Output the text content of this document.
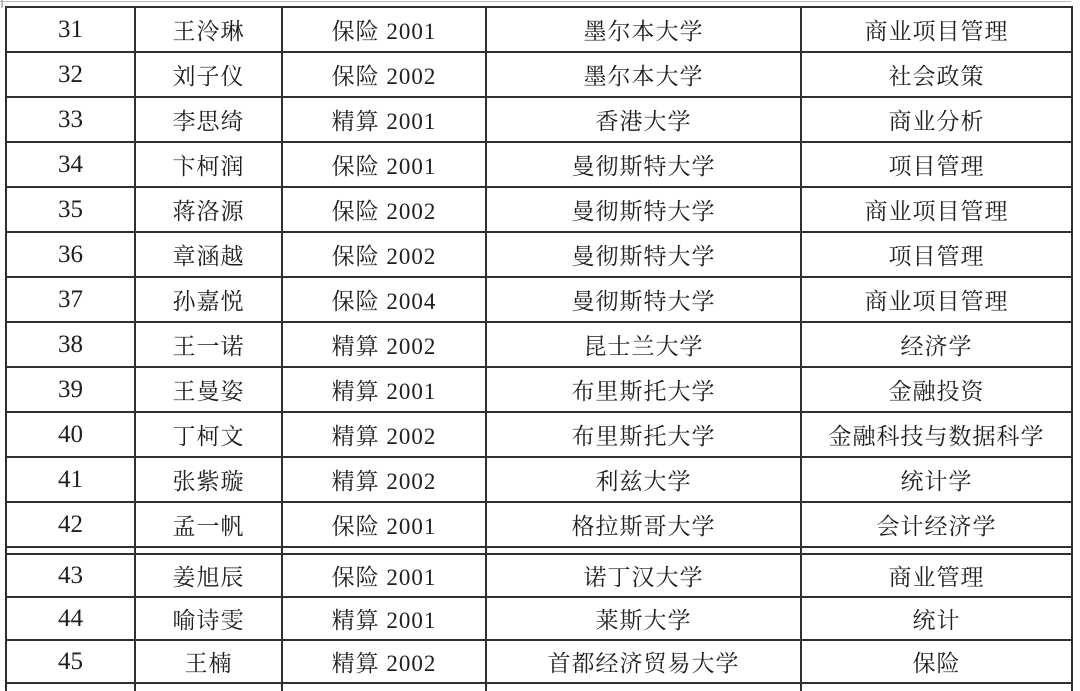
31	王泠琳	保险 2001	墨尔本大学	商业项目管理
32	刘子仪	保险 2002	墨尔本大学	社会政策
33	李思绮	精算 2001	香港大学	商业分析
34	卞柯润	保险 2001	曼彻斯特大学	项目管理
35	蒋洛源	保险 2002	曼彻斯特大学	商业项目管理
36	章涵越	保险 2002	曼彻斯特大学	项目管理
37	孙嘉悦	保险 2004	曼彻斯特大学	商业项目管理
38	王一诺	精算 2002	昆士兰大学	经济学
39	王曼姿	精算 2001	布里斯托大学	金融投资
40	丁柯文	精算 2002	布里斯托大学	金融科技与数据科学
41	张紫璇	精算 2002	利兹大学	统计学
42	孟一帆	保险 2001	格拉斯哥大学	会计经济学

43	姜旭辰	保险 2001	诺丁汉大学	商业管理
44	喻诗雯	精算 2001	莱斯大学	统计
45	王楠	精算 2002	首都经济贸易大学	保险
